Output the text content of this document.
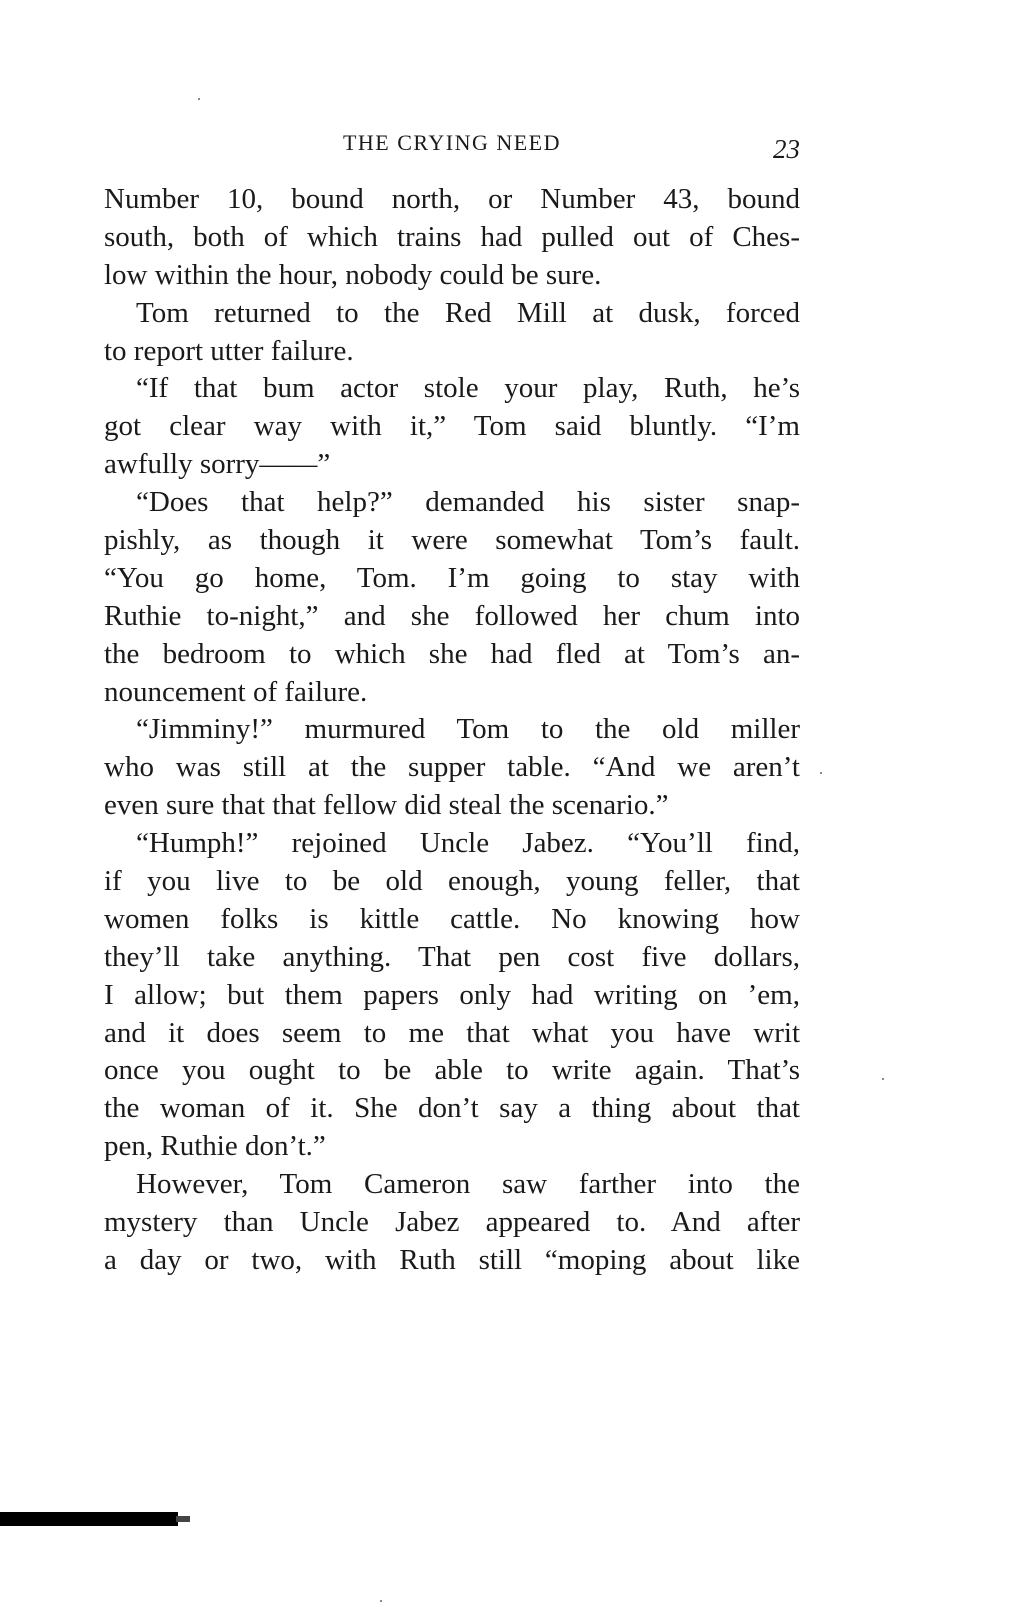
THE CRYING NEED	23
Number 10, bound north, or Number 43, bound
south, both of which trains had pulled out of Ches-
low within the hour, nobody could be sure.
Tom returned to the Red Mill at dusk, forced
to report utter failure.
“If that bum actor stole your play, Ruth, he’s
got clear way with it,” Tom said bluntly. “I’m
awfully sorry——”
“Does that help?” demanded his sister snap-
pishly, as though it were somewhat Tom’s fault.
“You go home, Tom. I’m going to stay with
Ruthie to-night,” and she followed her chum into
the bedroom to which she had fled at Tom’s an-
nouncement of failure.
“Jimminy!” murmured Tom to the old miller
who was still at the supper table. “And we aren’t
even sure that that fellow did steal the scenario.”
“Humph!” rejoined Uncle Jabez. “You’ll find,
if you live to be old enough, young feller, that
women folks is kittle cattle. No knowing how
they’ll take anything. That pen cost five dollars,
I allow; but them papers only had writing on ’em,
and it does seem to me that what you have writ
once you ought to be able to write again. That’s
the woman of it. She don’t say a thing about that
pen, Ruthie don’t.”
However, Tom Cameron saw farther into the
mystery than Uncle Jabez appeared to. And after
a day or two, with Ruth still “moping about like
